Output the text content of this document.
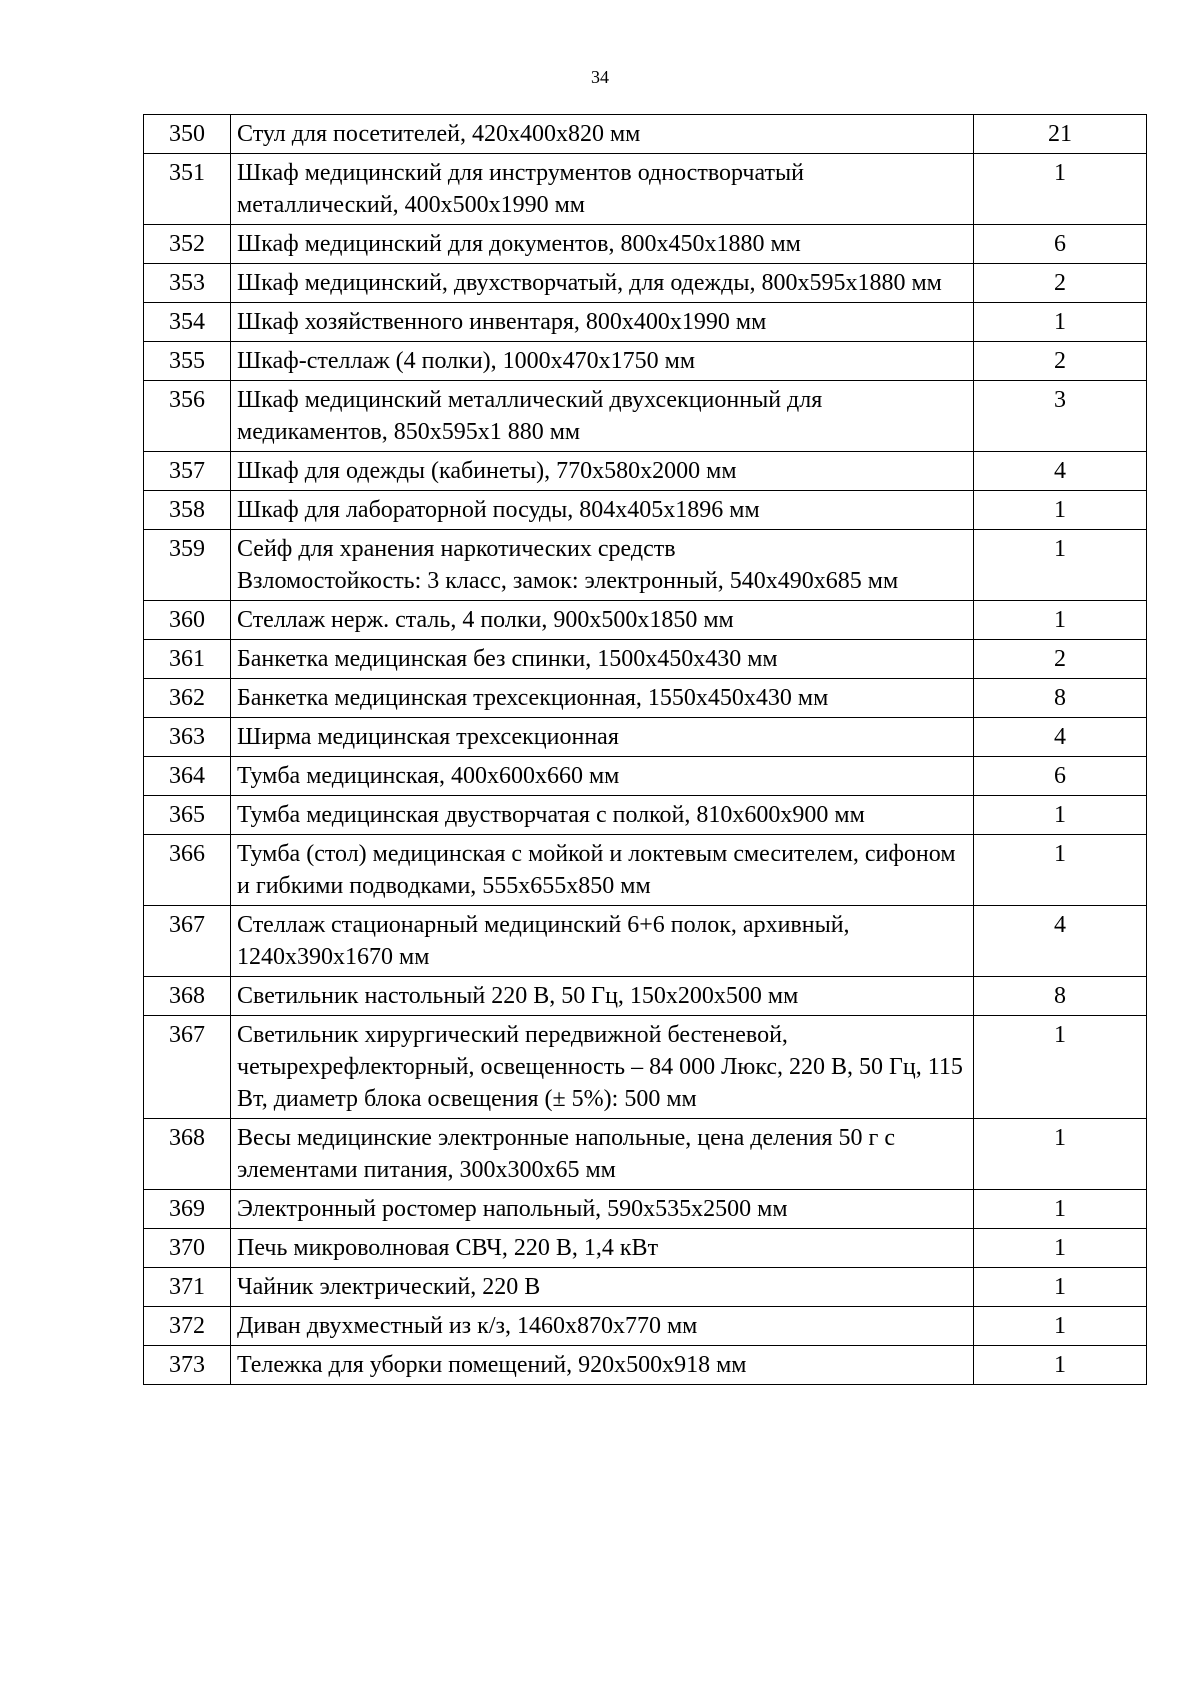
34
350	Стул для посетителей, 420х400х820 мм	21
351	Шкаф медицинский для инструментов одностворчатый металлический, 400х500х1990 мм	1
352	Шкаф медицинский для документов, 800х450х1880 мм	6
353	Шкаф медицинский, двухстворчатый, для одежды, 800х595х1880 мм	2
354	Шкаф хозяйственного инвентаря, 800х400х1990 мм	1
355	Шкаф-стеллаж (4 полки), 1000х470х1750 мм	2
356	Шкаф медицинский металлический двухсекционный для медикаментов, 850х595х1 880 мм	3
357	Шкаф для одежды (кабинеты), 770х580х2000 мм	4
358	Шкаф для лабораторной посуды, 804х405х1896 мм	1
359	Сейф для хранения наркотических средств
Взломостойкость: 3 класс, замок: электронный, 540х490х685 мм	1
360	Стеллаж нерж. сталь, 4 полки, 900х500х1850 мм	1
361	Банкетка медицинская без спинки, 1500х450х430 мм	2
362	Банкетка медицинская трехсекционная, 1550х450х430 мм	8
363	Ширма медицинская трехсекционная	4
364	Тумба медицинская, 400х600х660 мм	6
365	Тумба медицинская двустворчатая с полкой, 810х600х900 мм	1
366	Тумба (стол) медицинская с мойкой и локтевым смесителем, сифоном и гибкими подводками, 555х655х850 мм	1
367	Стеллаж стационарный медицинский 6+6 полок, архивный, 1240х390х1670 мм	4
368	Светильник настольный 220 В, 50 Гц, 150х200х500 мм	8
367	Светильник хирургический передвижной бестеневой, четырехрефлекторный, освещенность – 84 000 Люкс, 220 В, 50 Гц, 115 Вт, диаметр блока освещения (± 5%): 500 мм	1
368	Весы медицинские электронные напольные, цена деления 50 г с элементами питания, 300х300х65 мм	1
369	Электронный ростомер напольный, 590х535х2500 мм	1
370	Печь микроволновая СВЧ, 220 В, 1,4 кВт	1
371	Чайник электрический, 220 В	1
372	Диван двухместный из к/з, 1460х870х770 мм	1
373	Тележка для уборки помещений, 920х500х918 мм	1
